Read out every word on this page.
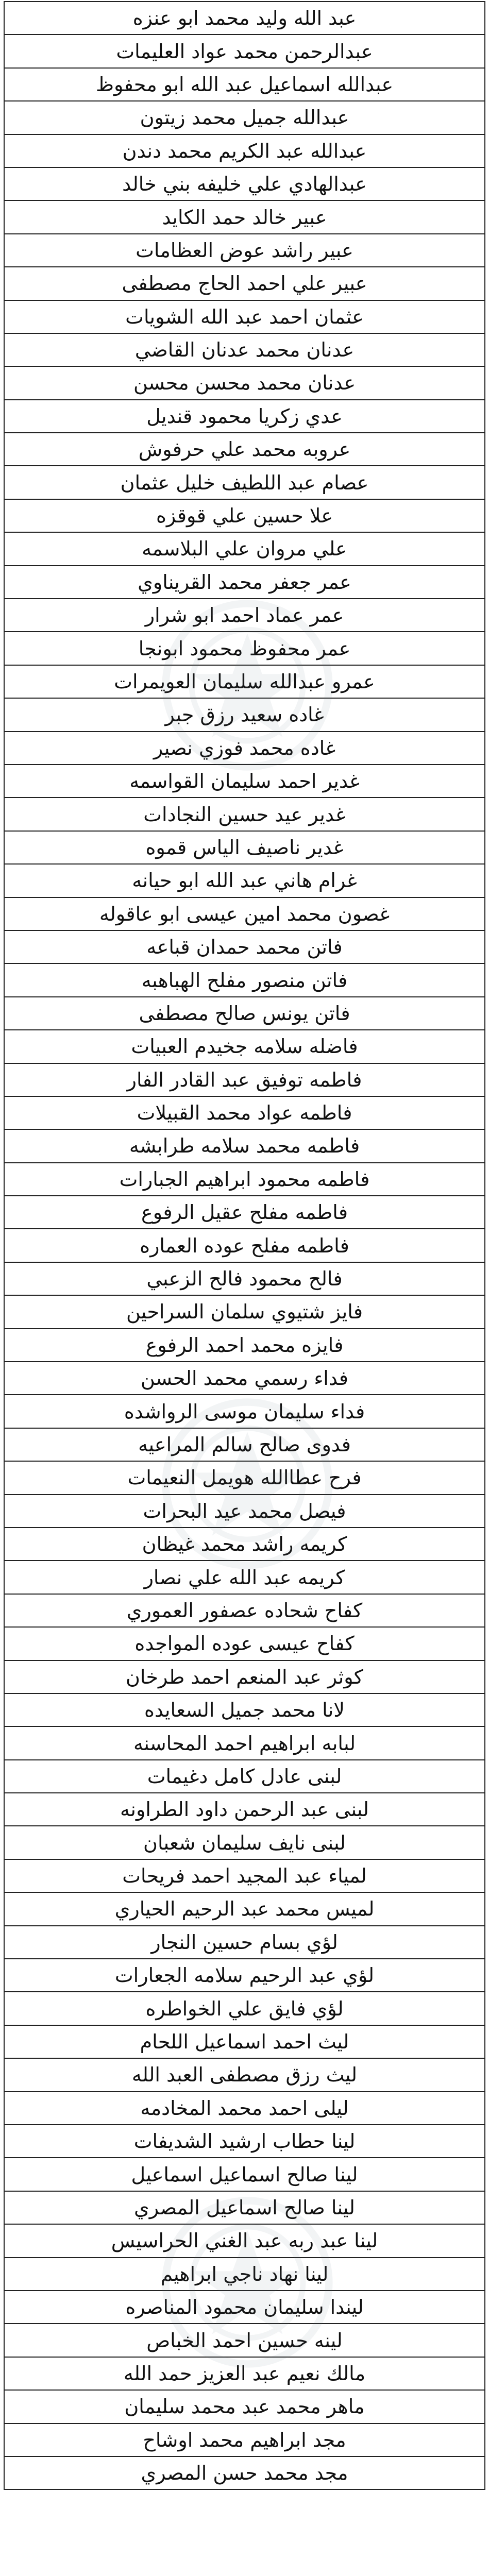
عبد الله وليد محمد ابو عنزه
عبدالرحمن محمد عواد العليمات
عبدالله اسماعيل عبد الله ابو محفوظ
عبدالله جميل محمد زيتون
عبدالله عبد الكريم محمد دندن
عبدالهادي علي خليفه بني خالد
عبير خالد حمد الكايد
عبير راشد عوض العظامات
عبير علي احمد الحاج مصطفى
عثمان احمد عبد الله الشويات
عدنان محمد عدنان القاضي
عدنان محمد محسن محسن
عدي زكريا محمود قنديل
عروبه محمد علي حرفوش
عصام عبد اللطيف خليل عثمان
علا حسين علي قوقزه
علي مروان علي البلاسمه
عمر جعفر محمد القريناوي
عمر عماد احمد ابو شرار
عمر محفوظ محمود ابونجا
عمرو عبدالله سليمان العويمرات
غاده سعيد رزق جبر
غاده محمد فوزي نصير
غدير احمد سليمان القواسمه
غدير عيد حسين النجادات
غدير ناصيف الياس قموه
غرام هاني عبد الله ابو حيانه
غصون محمد امين عيسى ابو عاقوله
فاتن محمد حمدان قباعه
فاتن منصور مفلح الهباهبه
فاتن يونس صالح مصطفى
فاضله سلامه جخيدم العبيات
فاطمه توفيق عبد القادر الفار
فاطمه عواد محمد القبيلات
فاطمه محمد سلامه طرابشه
فاطمه محمود ابراهيم الجبارات
فاطمه مفلح عقيل الرفوع
فاطمه مفلح عوده العماره
فالح محمود فالح الزعبي
فايز شتيوي سلمان السراحين
فايزه محمد احمد الرفوع
فداء رسمي محمد الحسن
فداء سليمان موسى الرواشده
فدوى صالح سالم المراعيه
فرح عطاالله هويمل النعيمات
فيصل محمد عيد البحرات
كريمه راشد محمد غيظان
كريمه عبد الله علي نصار
كفاح شحاده عصفور العموري
كفاح عيسى عوده المواجده
كوثر عبد المنعم احمد طرخان
لانا محمد جميل السعايده
لبابه ابراهيم احمد المحاسنه
لبنى عادل كامل دغيمات
لبنى عبد الرحمن داود الطراونه
لبنى نايف سليمان شعبان
لمياء عبد المجيد احمد فريحات
لميس محمد عبد الرحيم الحياري
لؤي بسام حسين النجار
لؤي عبد الرحيم سلامه الجعارات
لؤي فايق علي الخواطره
ليث احمد اسماعيل اللحام
ليث رزق مصطفى العبد الله
ليلى احمد محمد المخادمه
لينا حطاب ارشيد الشديفات
لينا صالح اسماعيل اسماعيل
لينا صالح اسماعيل المصري
لينا عبد ربه عبد الغني الحراسيس
لينا نهاد ناجي ابراهيم
ليندا سليمان محمود المناصره
لينه حسين احمد الخباص
مالك نعيم عبد العزيز حمد الله
ماهر محمد عبد محمد سليمان
مجد ابراهيم محمد اوشاح
مجد محمد حسن المصري
